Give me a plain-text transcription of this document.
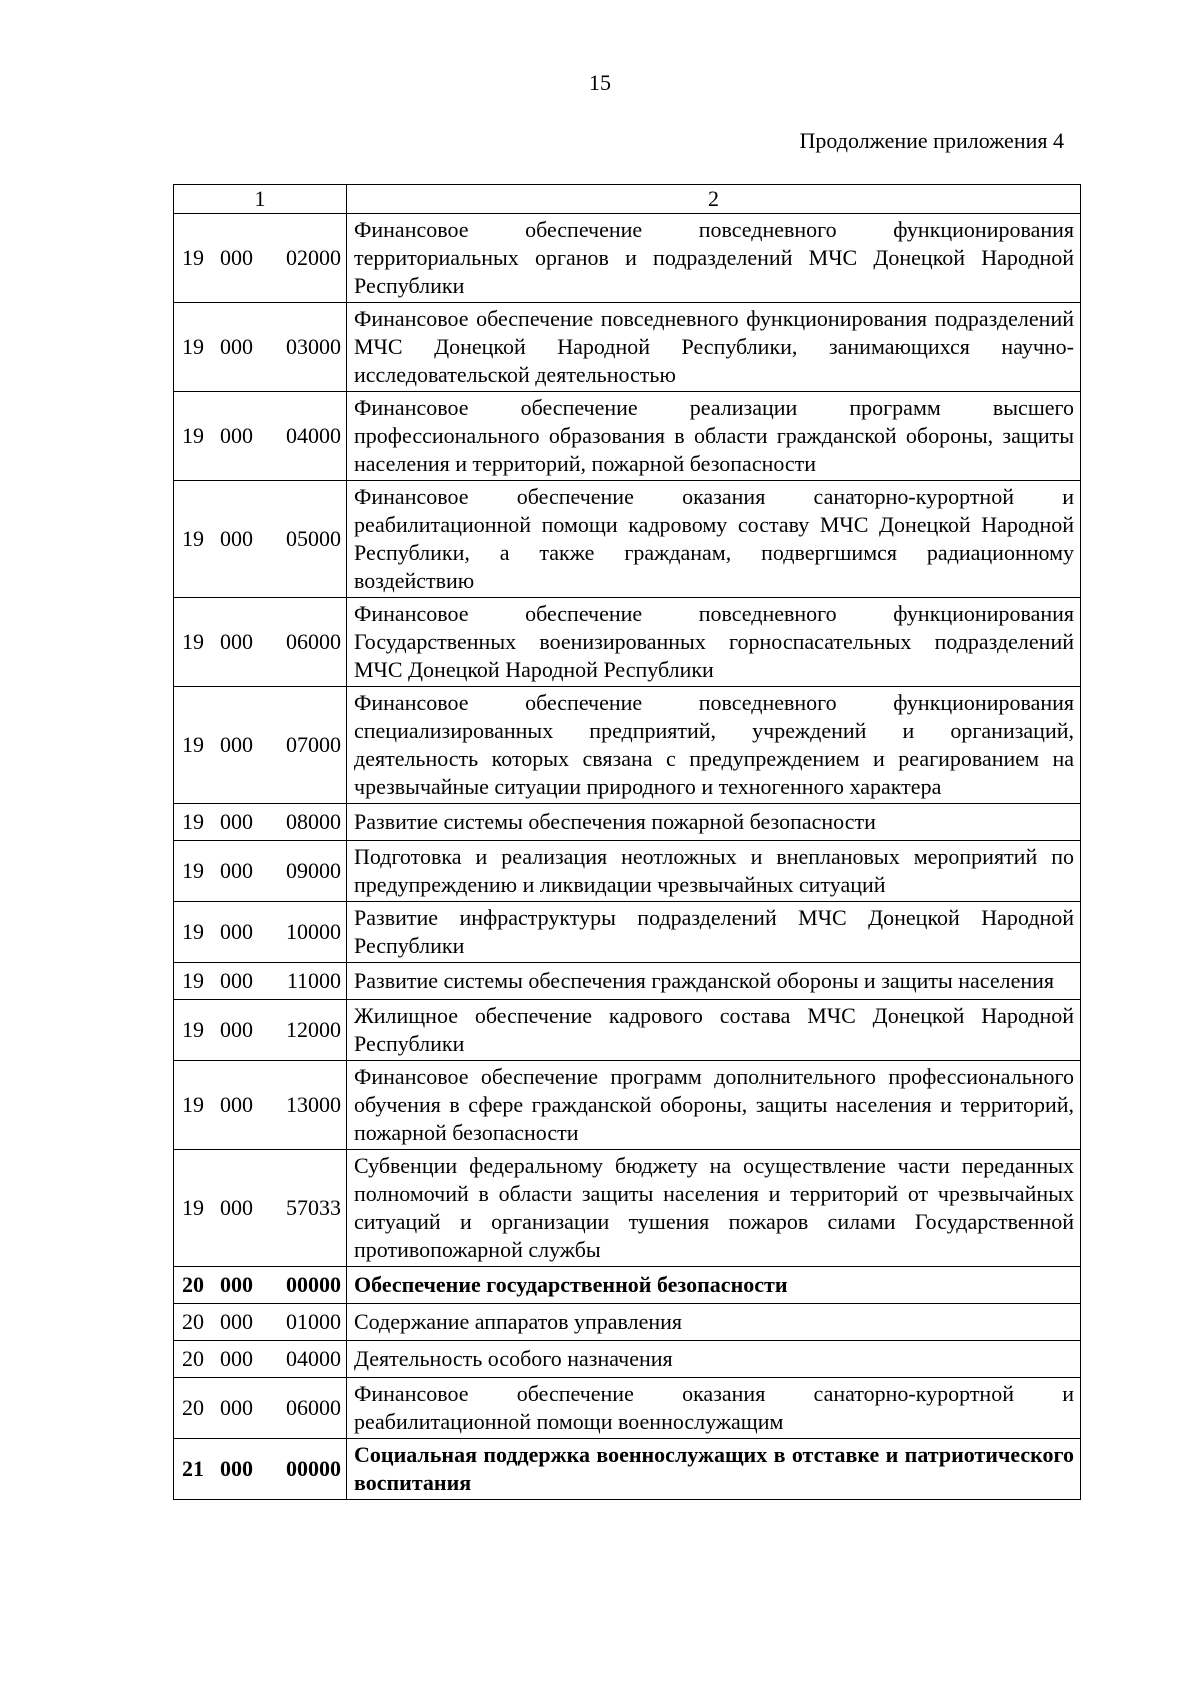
15
Продолжение приложения 4
1	2
19 000 02000	Финансовое обеспечение повседневного функционирования территориальных органов и подразделений МЧС Донецкой Народной Республики
19 000 03000	Финансовое обеспечение повседневного функционирования подразделений МЧС Донецкой Народной Республики, занимающихся научно-исследовательской деятельностью
19 000 04000	Финансовое обеспечение реализации программ высшего профессионального образования в области гражданской обороны, защиты населения и территорий, пожарной безопасности
19 000 05000	Финансовое обеспечение оказания санаторно-курортной и реабилитационной помощи кадровому составу МЧС Донецкой Народной Республики, а также гражданам, подвергшимся радиационному воздействию
19 000 06000	Финансовое обеспечение повседневного функционирования Государственных военизированных горноспасательных подразделений МЧС Донецкой Народной Республики
19 000 07000	Финансовое обеспечение повседневного функционирования специализированных предприятий, учреждений и организаций, деятельность которых связана с предупреждением и реагированием на чрезвычайные ситуации природного и техногенного характера
19 000 08000	Развитие системы обеспечения пожарной безопасности
19 000 09000	Подготовка и реализация неотложных и внеплановых мероприятий по предупреждению и ликвидации чрезвычайных ситуаций
19 000 10000	Развитие инфраструктуры подразделений МЧС Донецкой Народной Республики
19 000 11000	Развитие системы обеспечения гражданской обороны и защиты населения
19 000 12000	Жилищное обеспечение кадрового состава МЧС Донецкой Народной Республики
19 000 13000	Финансовое обеспечение программ дополнительного профессионального обучения в сфере гражданской обороны, защиты населения и территорий, пожарной безопасности
19 000 57033	Субвенции федеральному бюджету на осуществление части переданных полномочий в области защиты населения и территорий от чрезвычайных ситуаций и организации тушения пожаров силами Государственной противопожарной службы
20 000 00000	Обеспечение государственной безопасности
20 000 01000	Содержание аппаратов управления
20 000 04000	Деятельность особого назначения
20 000 06000	Финансовое обеспечение оказания санаторно-курортной и реабилитационной помощи военнослужащим
21 000 00000	Социальная поддержка военнослужащих в отставке и патриотического воспитания
